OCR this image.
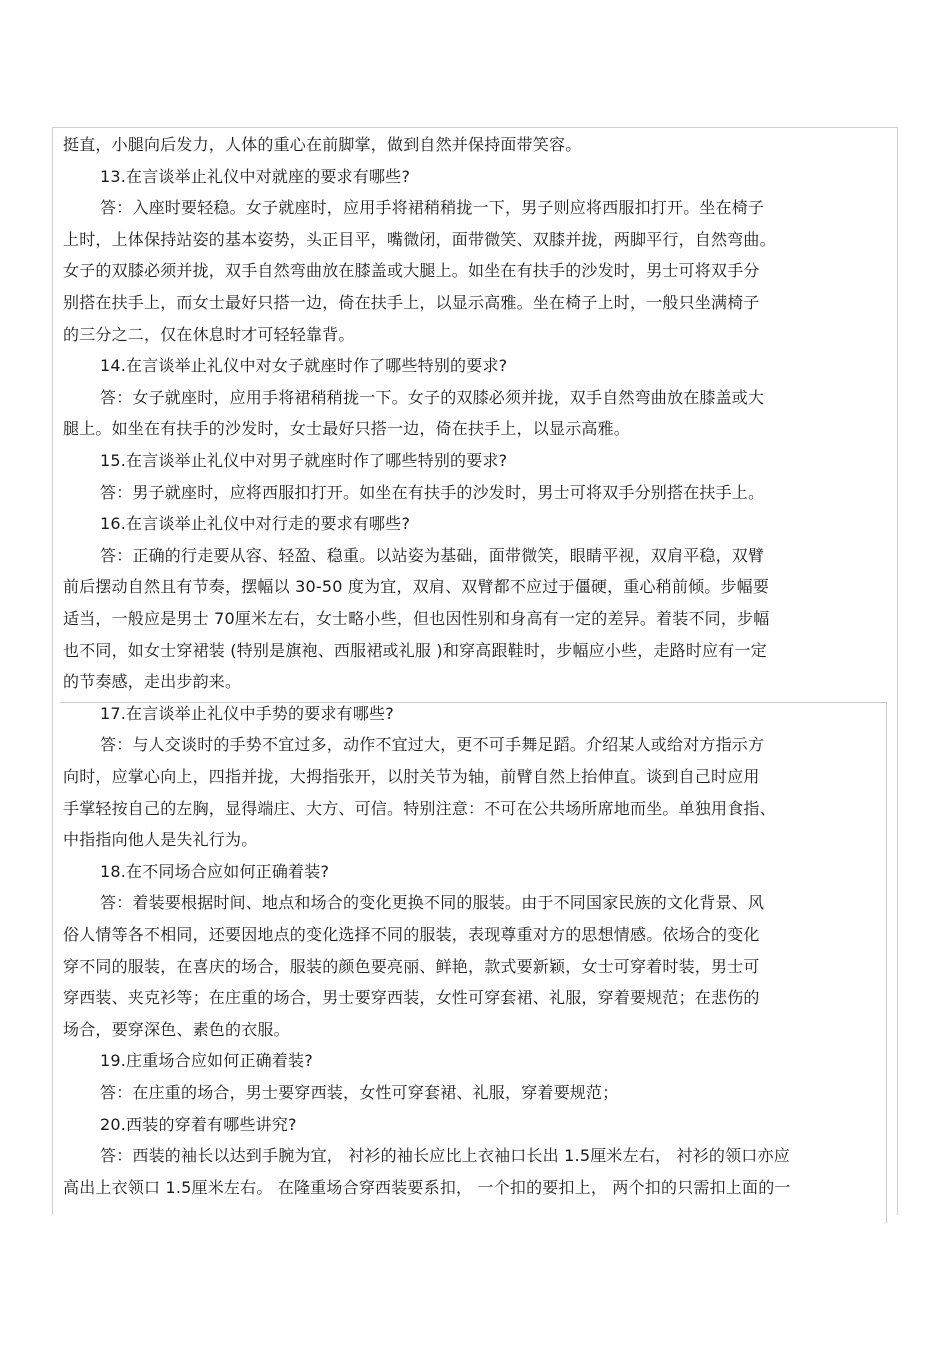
挺直，小腿向后发力，人体的重心在前脚掌，做到自然并保持面带笑容。
13.在言谈举止礼仪中对就座的要求有哪些?
答：入座时要轻稳。女子就座时，应用手将裙稍稍拢一下，男子则应将西服扣打开。坐在椅子
上时，上体保持站姿的基本姿势，头正目平，嘴微闭，面带微笑、双膝并拢，两脚平行，自然弯曲。
女子的双膝必须并拢，双手自然弯曲放在膝盖或大腿上。如坐在有扶手的沙发时，男士可将双手分
别搭在扶手上，而女士最好只搭一边，倚在扶手上，以显示高雅。坐在椅子上时，一般只坐满椅子
的三分之二，仅在休息时才可轻轻靠背。
14.在言谈举止礼仪中对女子就座时作了哪些特别的要求?
答：女子就座时，应用手将裙稍稍拢一下。女子的双膝必须并拢，双手自然弯曲放在膝盖或大
腿上。如坐在有扶手的沙发时，女士最好只搭一边，倚在扶手上，以显示高雅。
15.在言谈举止礼仪中对男子就座时作了哪些特别的要求?
答：男子就座时，应将西服扣打开。如坐在有扶手的沙发时，男士可将双手分别搭在扶手上。
16.在言谈举止礼仪中对行走的要求有哪些?
答：正确的行走要从容、轻盈、稳重。以站姿为基础，面带微笑，眼睛平视，双肩平稳，双臂
前后摆动自然且有节奏，摆幅以 30-50 度为宜，双肩、双臂都不应过于僵硬，重心稍前倾。步幅要
适当，一般应是男士 70厘米左右，女士略小些，但也因性别和身高有一定的差异。着装不同，步幅
也不同，如女士穿裙装 (特别是旗袍、西服裙或礼服 )和穿高跟鞋时，步幅应小些，走路时应有一定
的节奏感，走出步韵来。
17.在言谈举止礼仪中手势的要求有哪些?
答：与人交谈时的手势不宜过多，动作不宜过大，更不可手舞足蹈。介绍某人或给对方指示方
向时，应掌心向上，四指并拢，大拇指张开，以肘关节为轴，前臂自然上抬伸直。谈到自己时应用
手掌轻按自己的左胸，显得端庄、大方、可信。特别注意：不可在公共场所席地而坐。单独用食指、
中指指向他人是失礼行为。
18.在不同场合应如何正确着装?
答：着装要根据时间、地点和场合的变化更换不同的服装。由于不同国家民族的文化背景、风
俗人情等各不相同，还要因地点的变化选择不同的服装，表现尊重对方的思想情感。依场合的变化
穿不同的服装，在喜庆的场合，服装的颜色要亮丽、鲜艳，款式要新颖，女士可穿着时装，男士可
穿西装、夹克衫等；在庄重的场合，男士要穿西装，女性可穿套裙、礼服，穿着要规范；在悲伤的
场合，要穿深色、素色的衣服。
19.庄重场合应如何正确着装?
答：在庄重的场合，男士要穿西装，女性可穿套裙、礼服，穿着要规范；
20.西装的穿着有哪些讲究?
答：西装的袖长以达到手腕为宜， 衬衫的袖长应比上衣袖口长出 1.5厘米左右， 衬衫的领口亦应
高出上衣领口 1.5厘米左右。 在隆重场合穿西装要系扣， 一个扣的要扣上， 两个扣的只需扣上面的一
